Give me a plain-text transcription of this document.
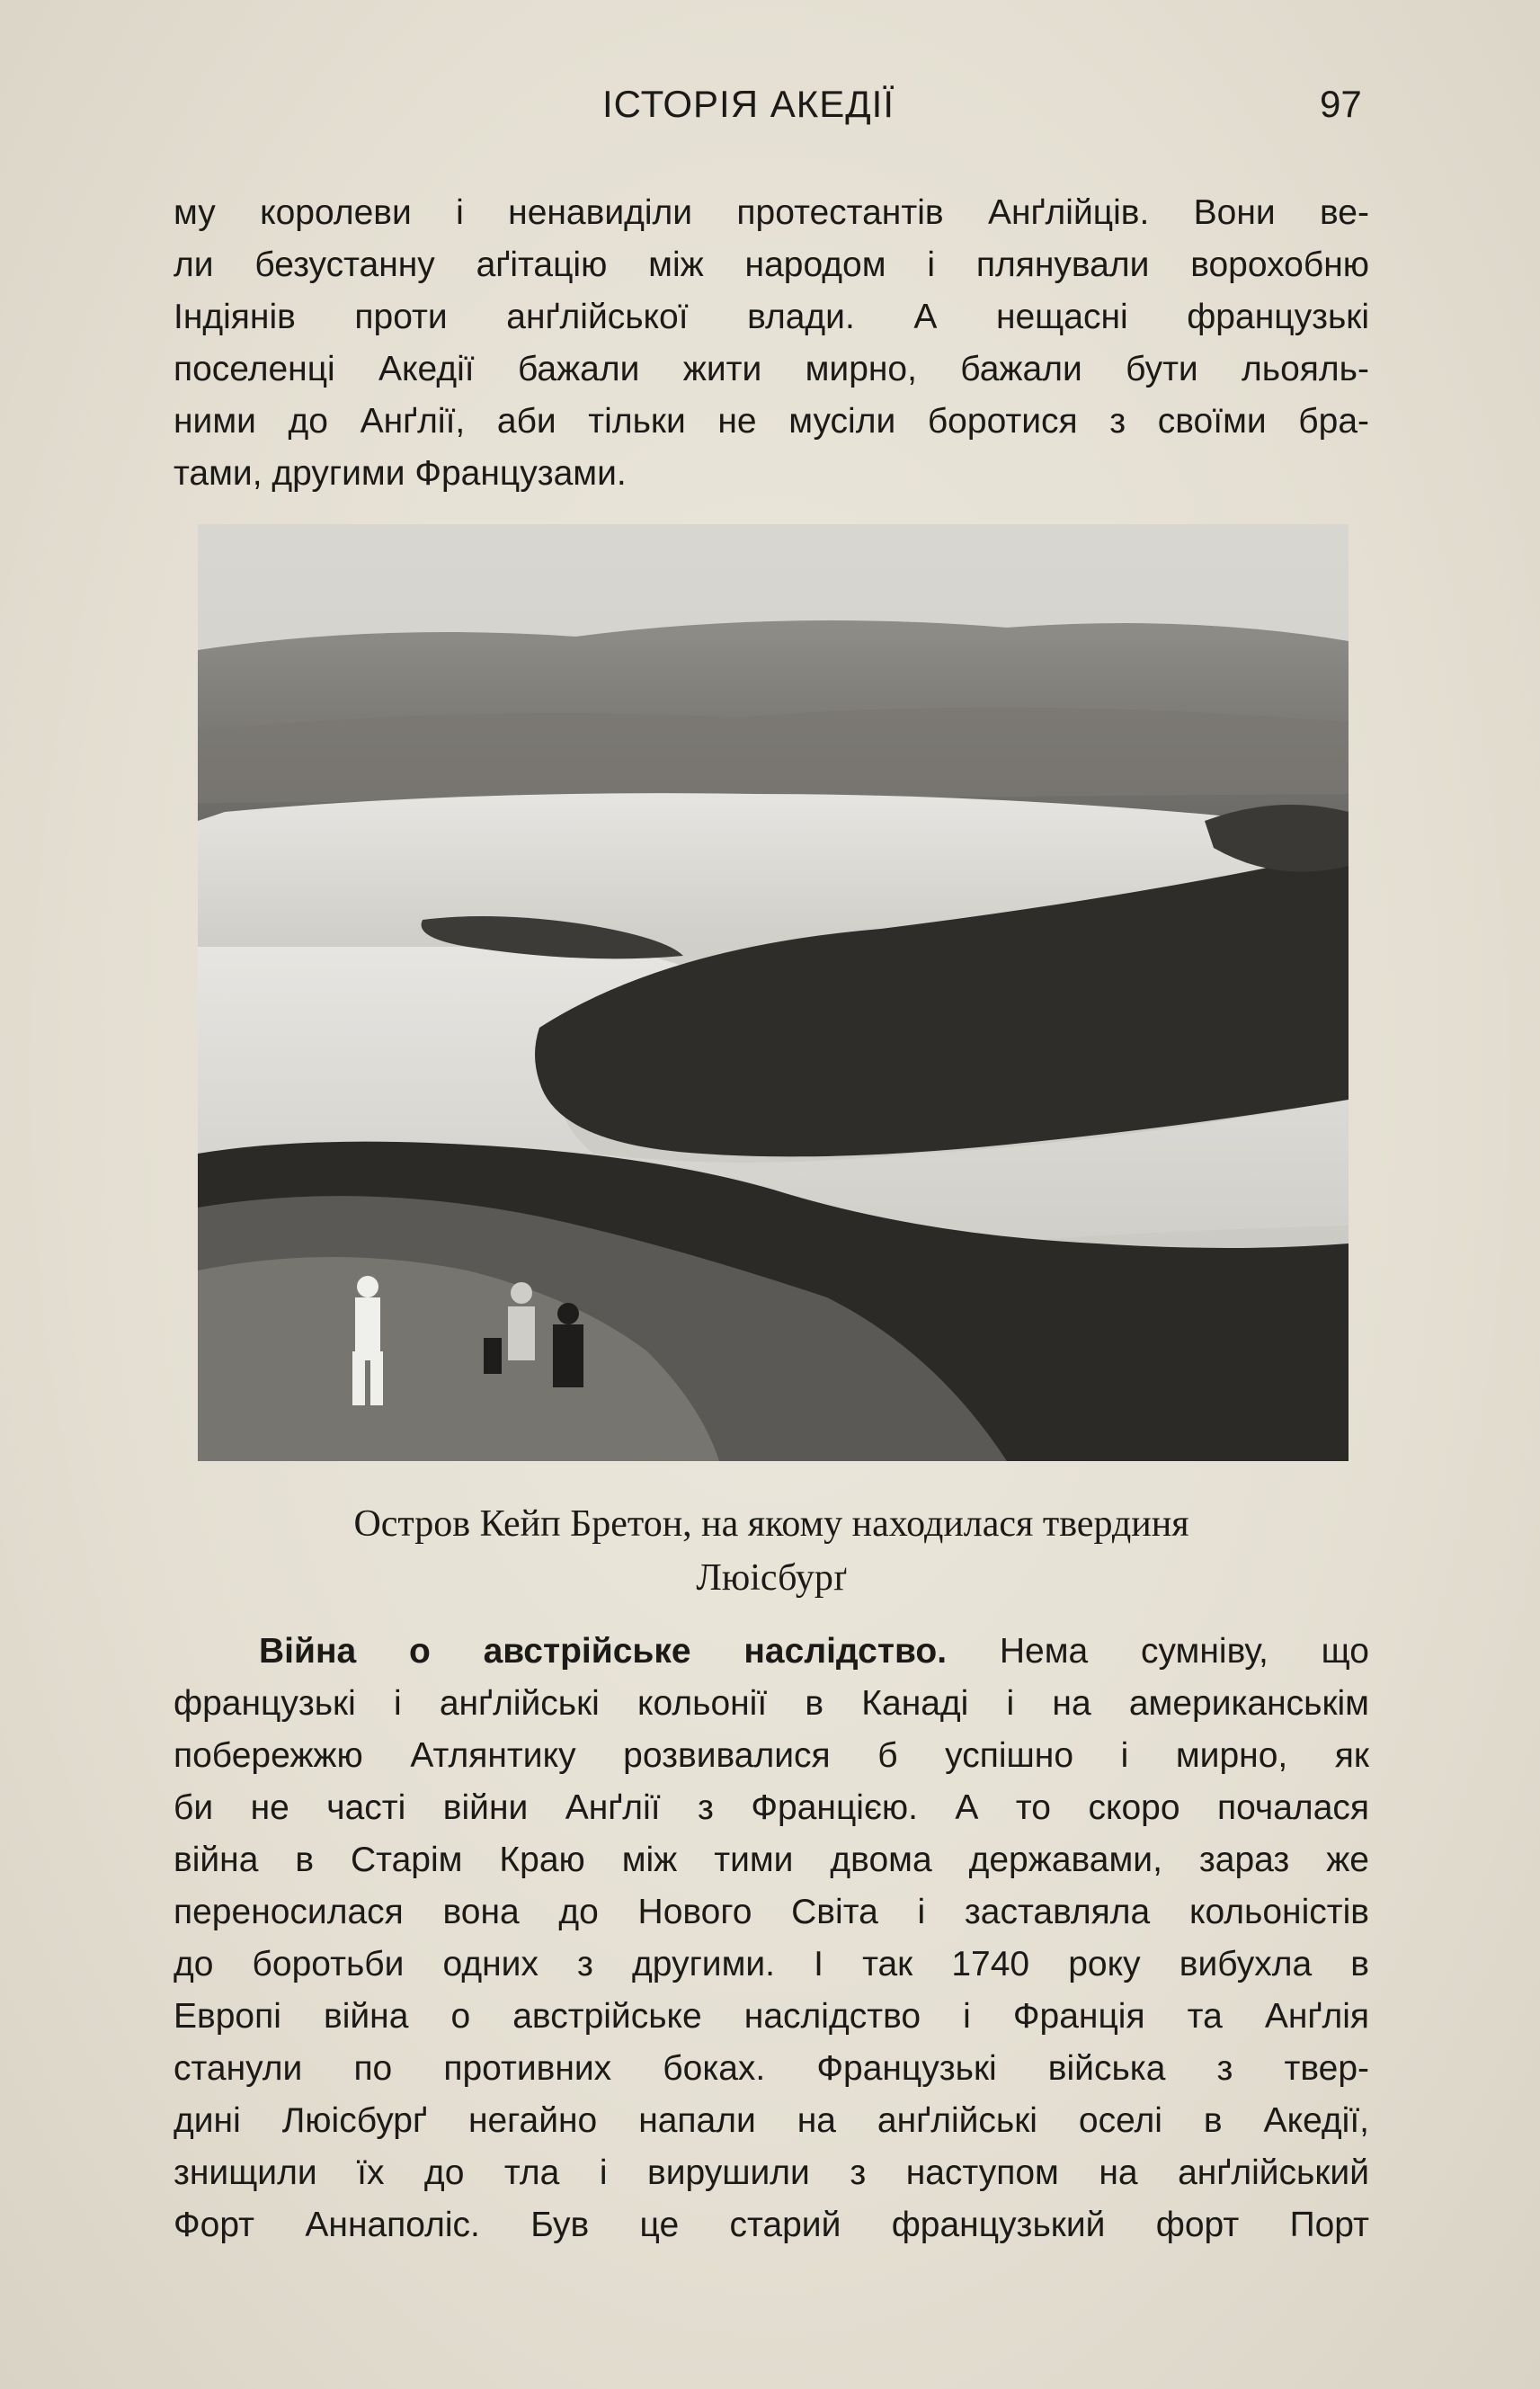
ІСТОРІЯ АКЕДІЇ	97
му королеви і ненавиділи протестантів Анґлійців. Вони ве-
ли безустанну аґітацію між народом і плянували ворохобню
Індіянів проти анґлійської влади. А нещасні французькі
поселенці Акедії бажали жити мирно, бажали бути льояль-
ними до Анґлії, аби тільки не мусіли боротися з своїми бра-
тами, другими Французами.
Остров Кейп Бретон, на якому находилася твердиня
Люісбурґ
Війна о австрійське наслідство. Нема сумніву, що
французькі і анґлійські кольонії в Канаді і на американськім
побережжю Атлянтику розвивалися б успішно і мирно, як
би не часті війни Анґлії з Францією. А то скоро почалася
війна в Старім Краю між тими двома державами, зараз же
переносилася вона до Нового Світа і заставляла кольоністів
до боротьби одних з другими. І так 1740 року вибухла в
Европі війна о австрійське наслідство і Франція та Анґлія
станули по противних боках. Французькі війська з твер-
дині Люісбурґ негайно напали на анґлійські оселі в Акедії,
знищили їх до тла і вирушили з наступом на анґлійський
Форт Аннаполіс. Був це старий французький форт Порт
